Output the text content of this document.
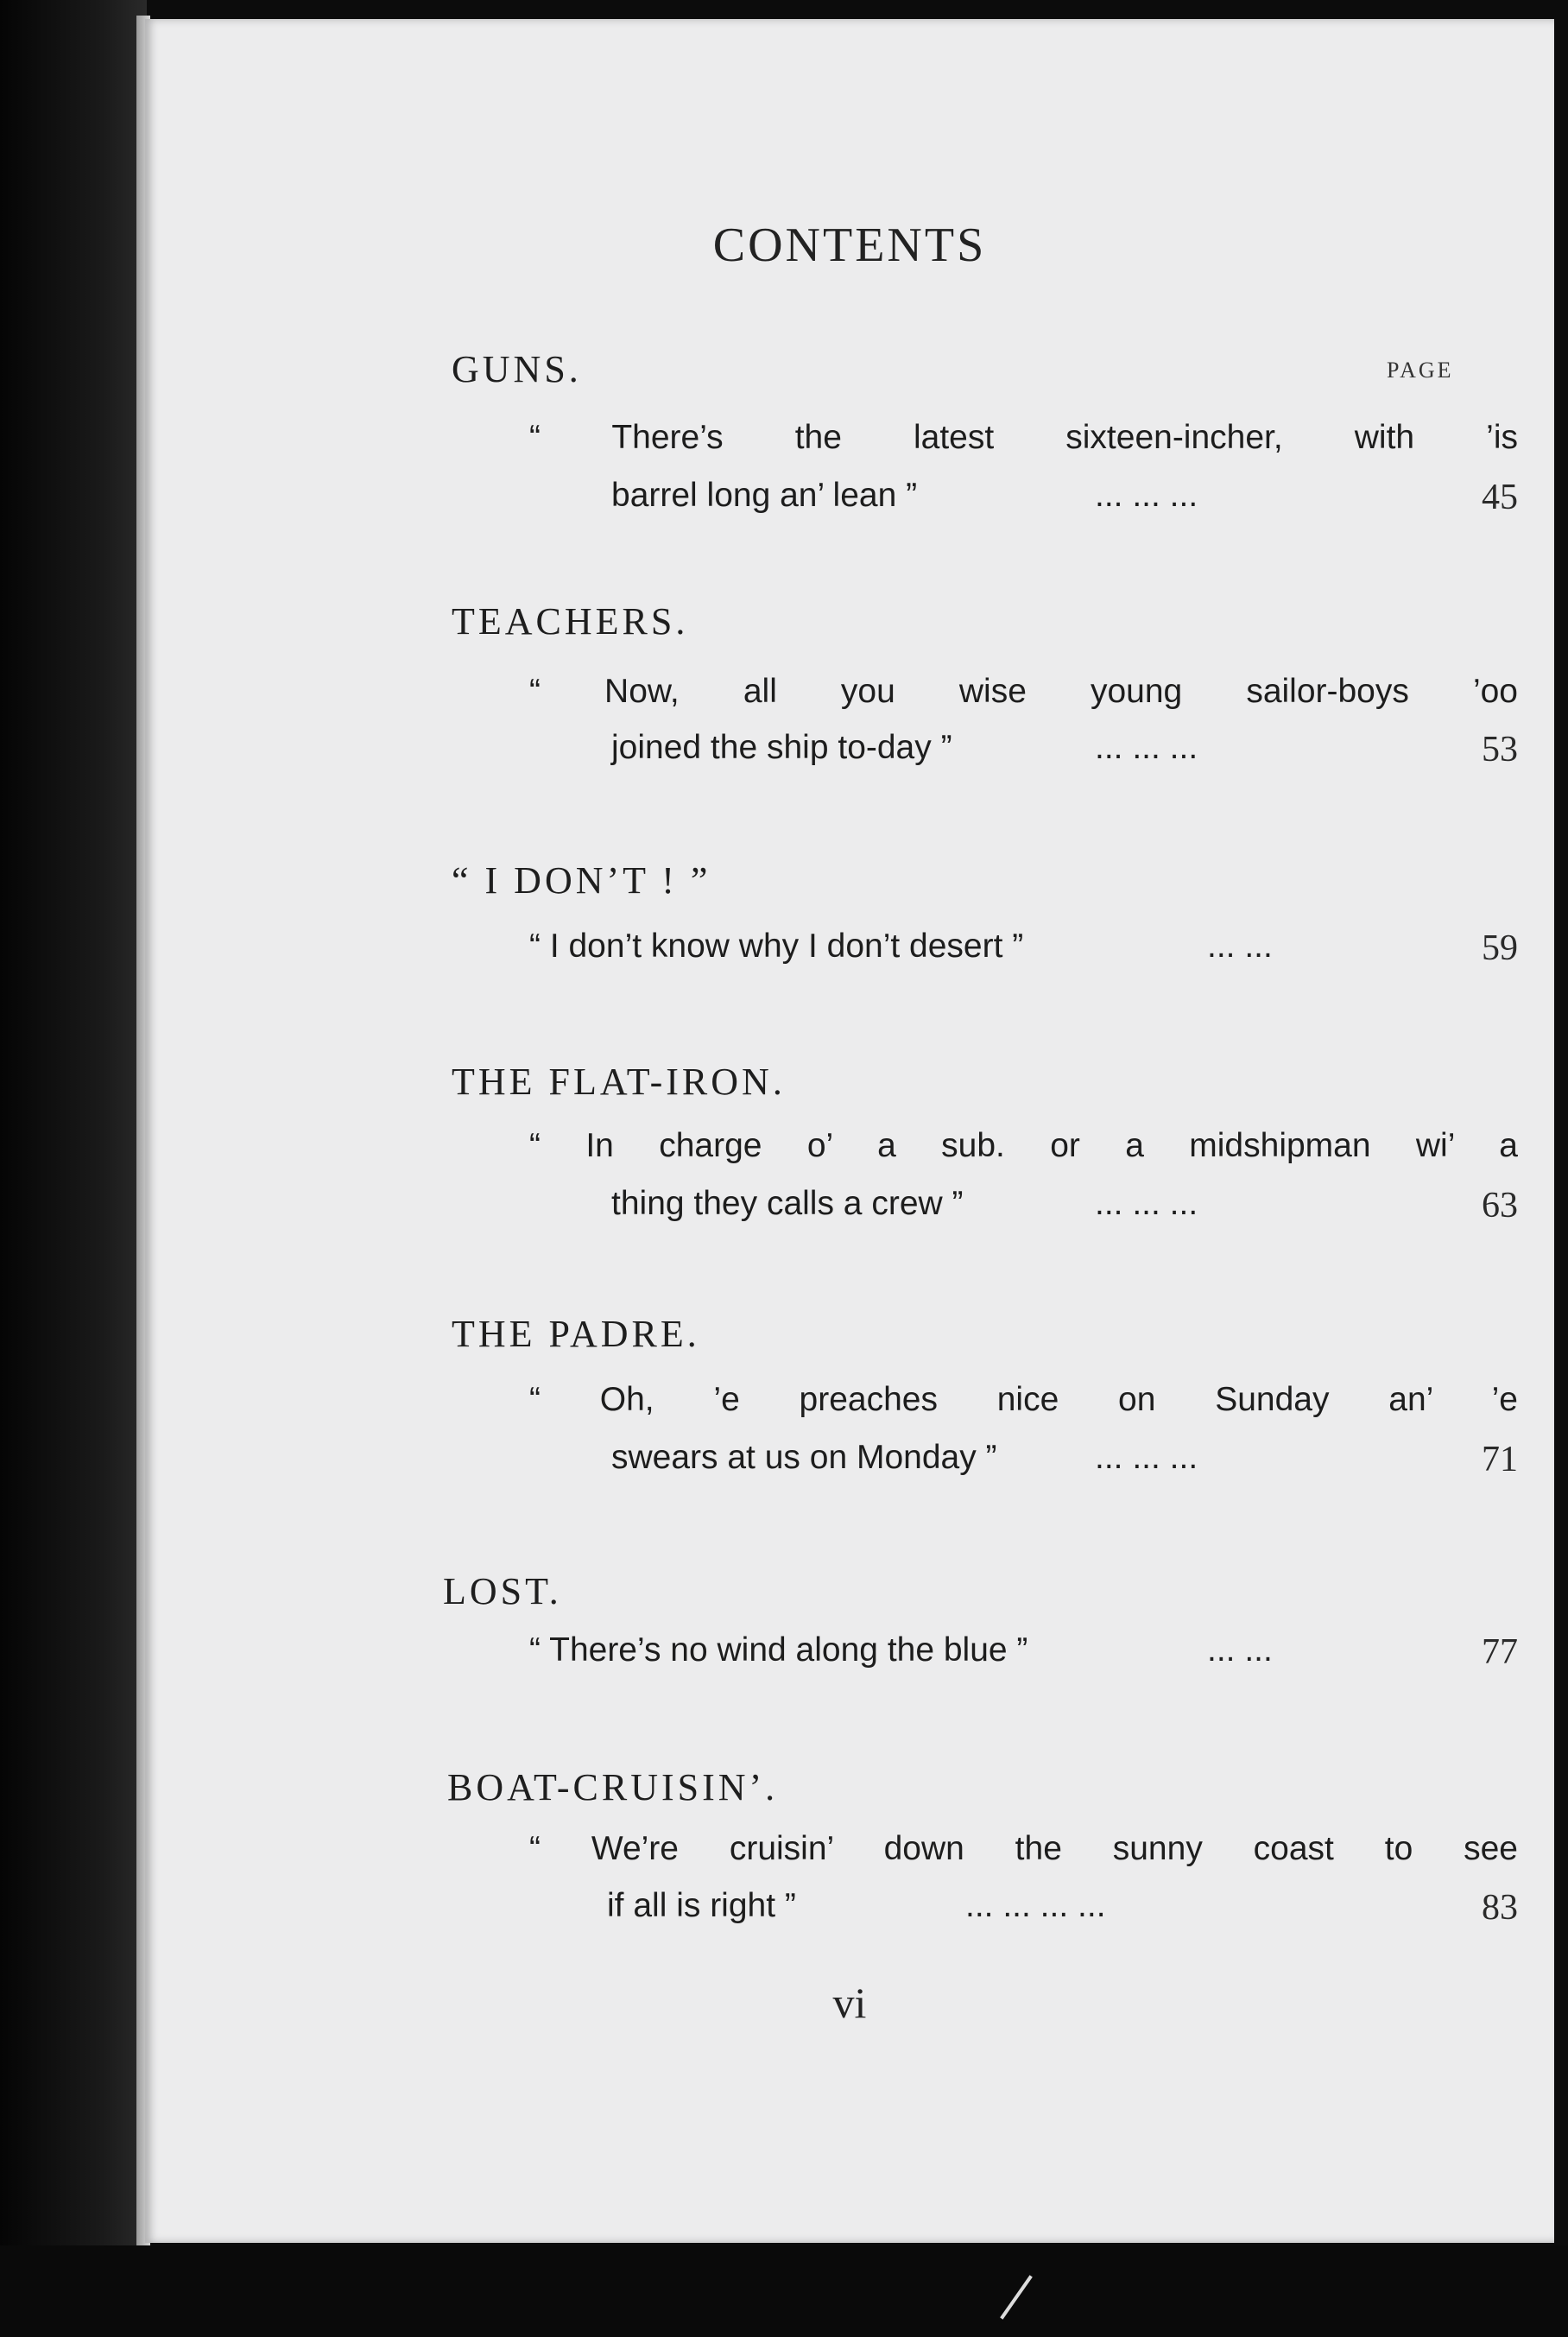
CONTENTS
PAGE
GUNS.
“ There’s the latest sixteen-incher, with ’is
barrel long an’ lean ”	... ... ...	45
TEACHERS.
“ Now, all you wise young sailor-boys ’oo
joined the ship to-day ”	... ... ...	53
“ I DON’T ! ”
“ I don’t know why I don’t desert ”	... ...	59
THE FLAT-IRON.
“ In charge o’ a sub. or a midshipman wi’ a
thing they calls a crew ”	... ... ...	63
THE PADRE.
“ Oh, ’e preaches nice on Sunday an’ ’e
swears at us on Monday ”	... ... ...	71
LOST.
“ There’s no wind along the blue ”	... ...	77
BOAT-CRUISIN’.
“ We’re cruisin’ down the sunny coast to see
if all is right ”	... ... ... ...	83
vi
